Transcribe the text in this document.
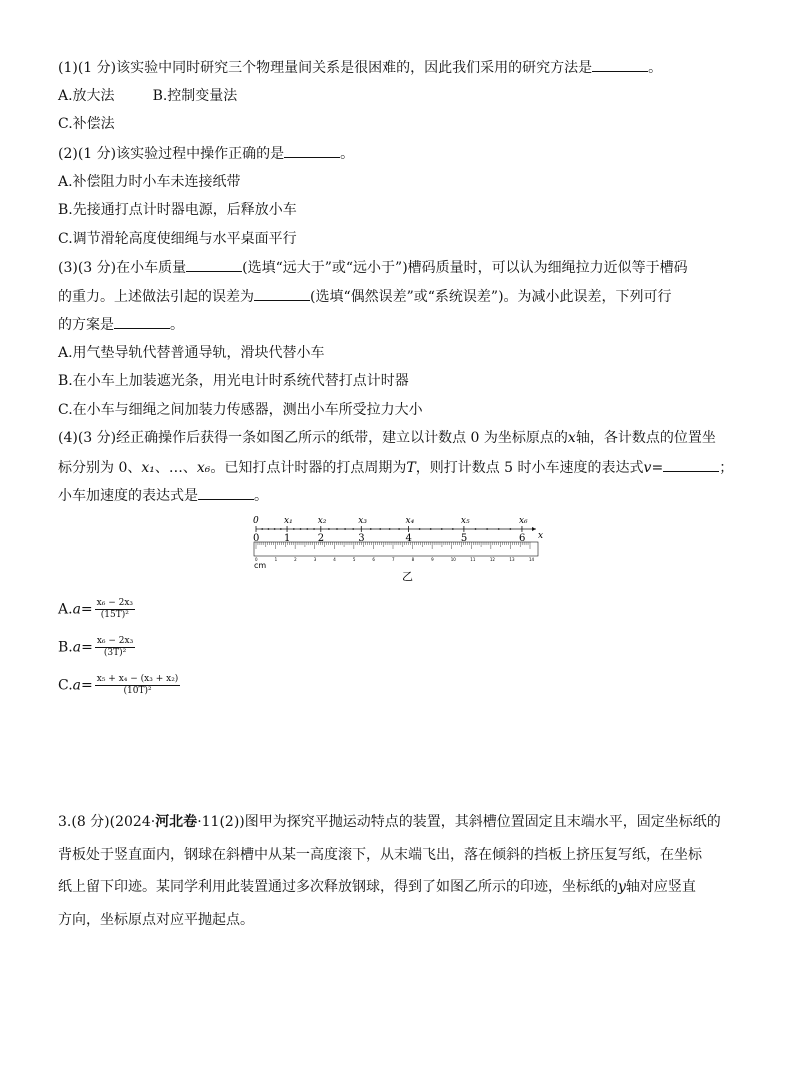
(1)(1 分)该实验中同时研究三个物理量间关系是很困难的，因此我们采用的研究方法是	。
A.放大法	B.控制变量法
C.补偿法
(2)(1 分)该实验过程中操作正确的是	。
A.补偿阻力时小车未连接纸带
B.先接通打点计时器电源，后释放小车
C.调节滑轮高度使细绳与水平桌面平行
(3)(3 分)在小车质量	(选填“远大于”或“远小于”)槽码质量时，可以认为细绳拉力近似等于槽码
的重力。上述做法引起的误差为	(选填“偶然误差”或“系统误差”)。为减小此误差，下列可行
的方案是	。
A.用气垫导轨代替普通导轨，滑块代替小车
B.在小车上加装遮光条，用光电计时系统代替打点计时器
C.在小车与细绳之间加装力传感器，测出小车所受拉力大小
(4)(3 分)经正确操作后获得一条如图乙所示的纸带，建立以计数点 0 为坐标原点的x轴，各计数点的位置坐
标分别为 0、x₁、…、x₆。已知打点计时器的打点周期为T，则打计数点 5 时小车速度的表达式v=	；
小车加速度的表达式是	。
0	x₁	x₂	x₃	x₄	x₅	x₆
0	1	2	3	4	5	6	7	8	9	10	11	12	13	14
0 1	2	3	4	5	6
cm
x
乙
$A.a= \frac{\text{x₆ − 2x₃}}{\text{(15T)²}}$
$B.a= \frac{\text{x₆ − 2x₃}}{\text{(3T)²}}$
$C.a= \frac{\text{x₅ + x₄ − (x₃ + x₂)}}{\text{(10T)²}}$
3.(8 分)(2024·河北卷·11(2))图甲为探究平抛运动特点的装置，其斜槽位置固定且末端水平，固定坐标纸的
背板处于竖直面内，钢球在斜槽中从某一高度滚下，从末端飞出，落在倾斜的挡板上挤压复写纸，在坐标
纸上留下印迹。某同学利用此装置通过多次释放钢球，得到了如图乙所示的印迹，坐标纸的y轴对应竖直
方向，坐标原点对应平抛起点。
